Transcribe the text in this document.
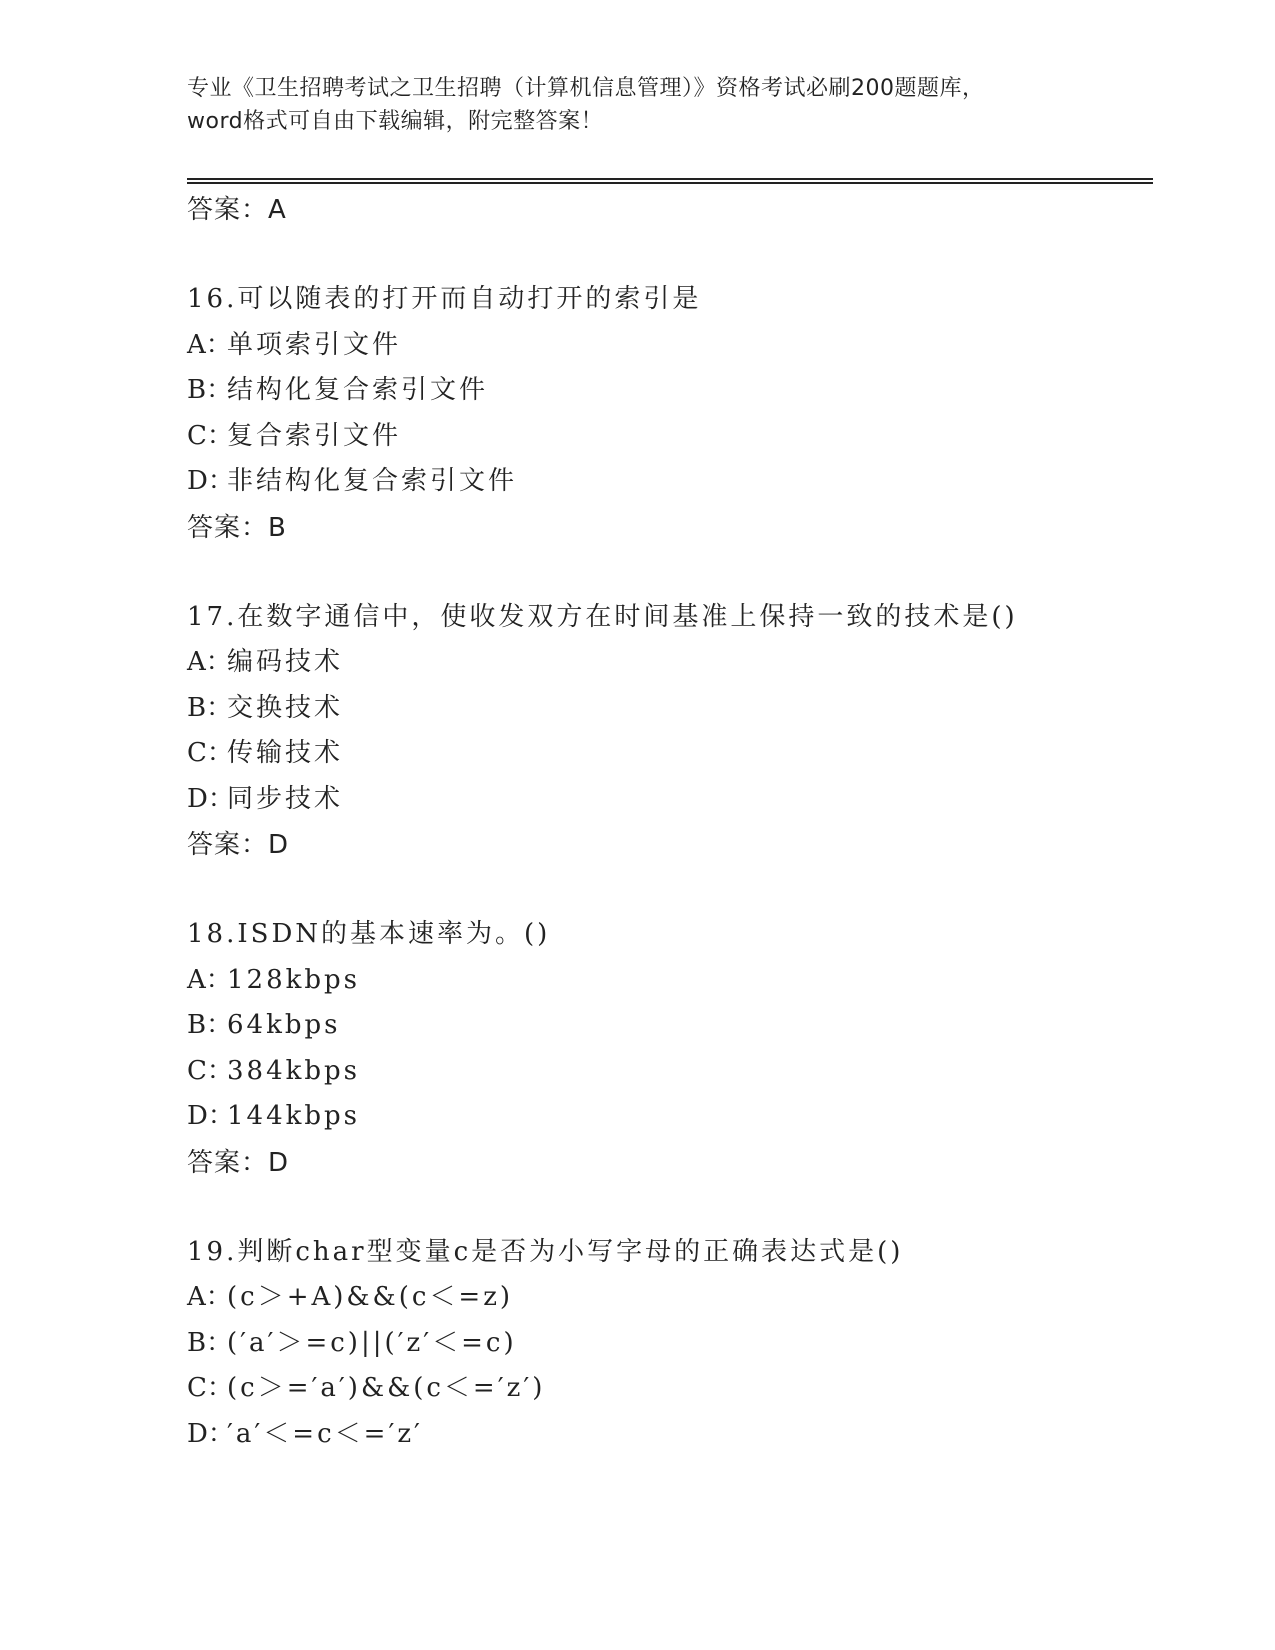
专业《卫生招聘考试之卫生招聘（计算机信息管理）》资格考试必刷200题题库，
word格式可自由下载编辑，附完整答案！
答案：A
16.可以随表的打开而自动打开的索引是
A：单项索引文件
B：结构化复合索引文件
C：复合索引文件
D：非结构化复合索引文件
答案：B
17.在数字通信中，使收发双方在时间基准上保持一致的技术是()
A：编码技术
B：交换技术
C：传输技术
D：同步技术
答案：D
18.ISDN的基本速率为。()
A：128kbps
B：64kbps
C：384kbps
D：144kbps
答案：D
19.判断char型变量c是否为小写字母的正确表达式是()
A：(c＞+A)&&(c＜=z)
B：(′a′＞=c)||(′z′＜=c)
C：(c＞=′a′)&&(c＜=′z′)
D：′a′＜=c＜=′z′
